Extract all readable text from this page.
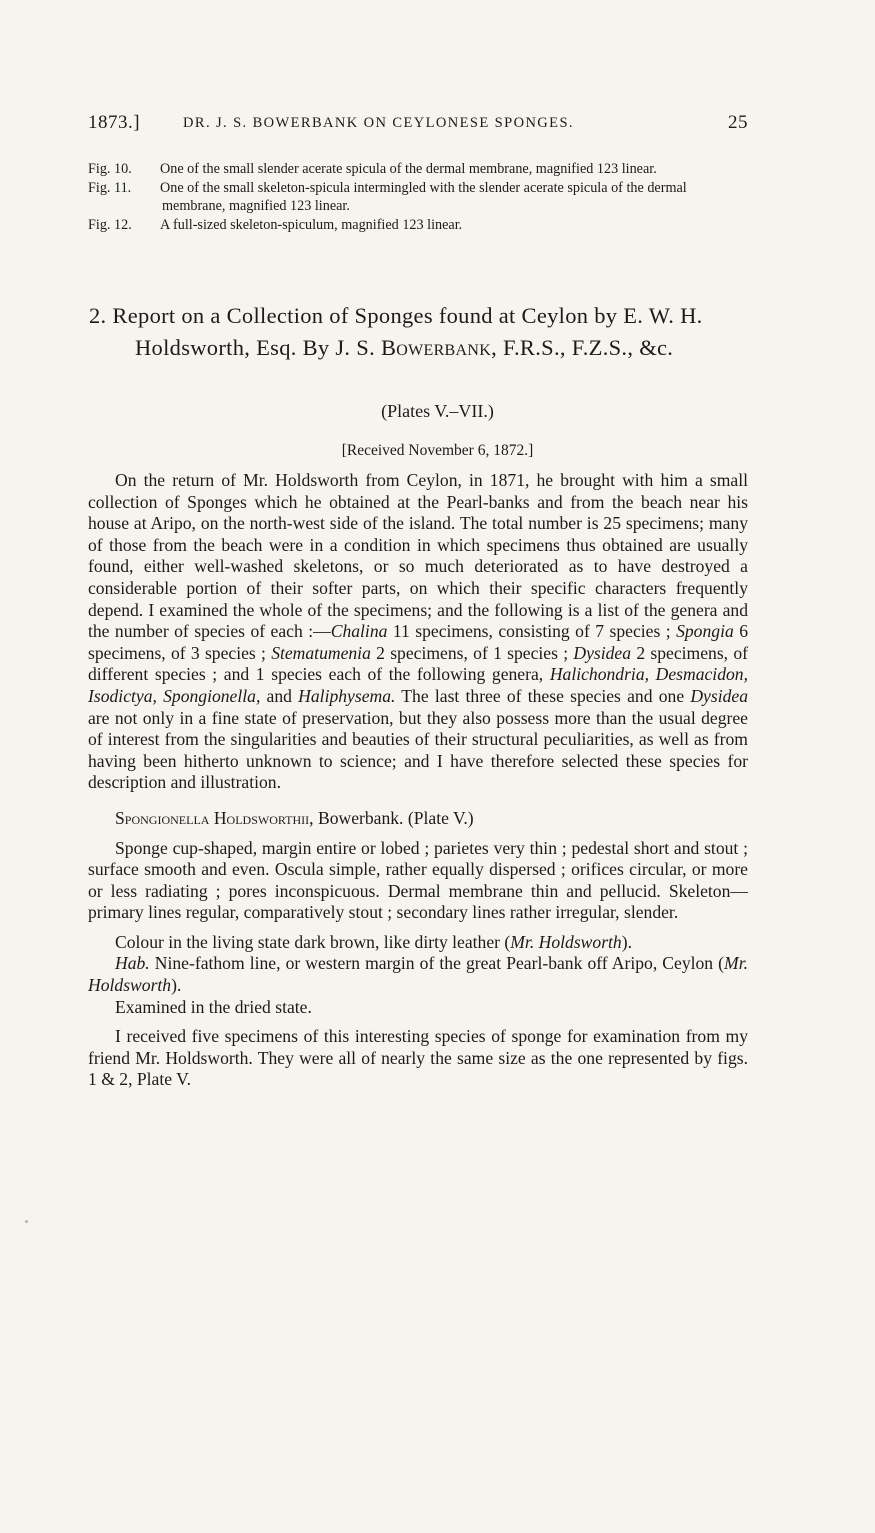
1873.]	DR. J. S. BOWERBANK ON CEYLONESE SPONGES.	25

Fig. 10. One of the small slender acerate spicula of the dermal membrane, magnified 123 linear.

Fig. 11. One of the small skeleton-spicula intermingled with the slender acerate spicula of the dermal membrane, magnified 123 linear.

Fig. 12. A full-sized skeleton-spiculum, magnified 123 linear.

2. Report on a Collection of Sponges found at Ceylon by E. W. H. Holdsworth, Esq. By J. S. Bowerbank, F.R.S., F.Z.S., &c.
(Plates V.–VII.)
[Received November 6, 1872.]

On the return of Mr. Holdsworth from Ceylon, in 1871, he brought with him a small collection of Sponges which he obtained at the Pearl-banks and from the beach near his house at Aripo, on the north-west side of the island. The total number is 25 specimens; many of those from the beach were in a condition in which specimens thus obtained are usually found, either well-washed skeletons, or so much deteriorated as to have destroyed a considerable portion of their softer parts, on which their specific characters frequently depend. I examined the whole of the specimens; and the following is a list of the genera and the number of species of each :—Chalina 11 specimens, consisting of 7 species ; Spongia 6 specimens, of 3 species ; Stematumenia 2 specimens, of 1 species ; Dysidea 2 specimens, of different species ; and 1 species each of the following genera, Halichondria, Desmacidon, Isodictya, Spongionella, and Haliphysema. The last three of these species and one Dysidea are not only in a fine state of preservation, but they also possess more than the usual degree of interest from the singularities and beauties of their structural peculiarities, as well as from having been hitherto unknown to science; and I have therefore selected these species for description and illustration.

Spongionella Holdsworthii, Bowerbank. (Plate V.)

Sponge cup-shaped, margin entire or lobed ; parietes very thin ; pedestal short and stout ; surface smooth and even. Oscula simple, rather equally dispersed ; orifices circular, or more or less radiating ; pores inconspicuous. Dermal membrane thin and pellucid. Skeleton—primary lines regular, comparatively stout ; secondary lines rather irregular, slender.

Colour in the living state dark brown, like dirty leather (Mr. Holdsworth).

Hab. Nine-fathom line, or western margin of the great Pearl-bank off Aripo, Ceylon (Mr. Holdsworth).

Examined in the dried state.

I received five specimens of this interesting species of sponge for examination from my friend Mr. Holdsworth. They were all of nearly the same size as the one represented by figs. 1 & 2, Plate V.
